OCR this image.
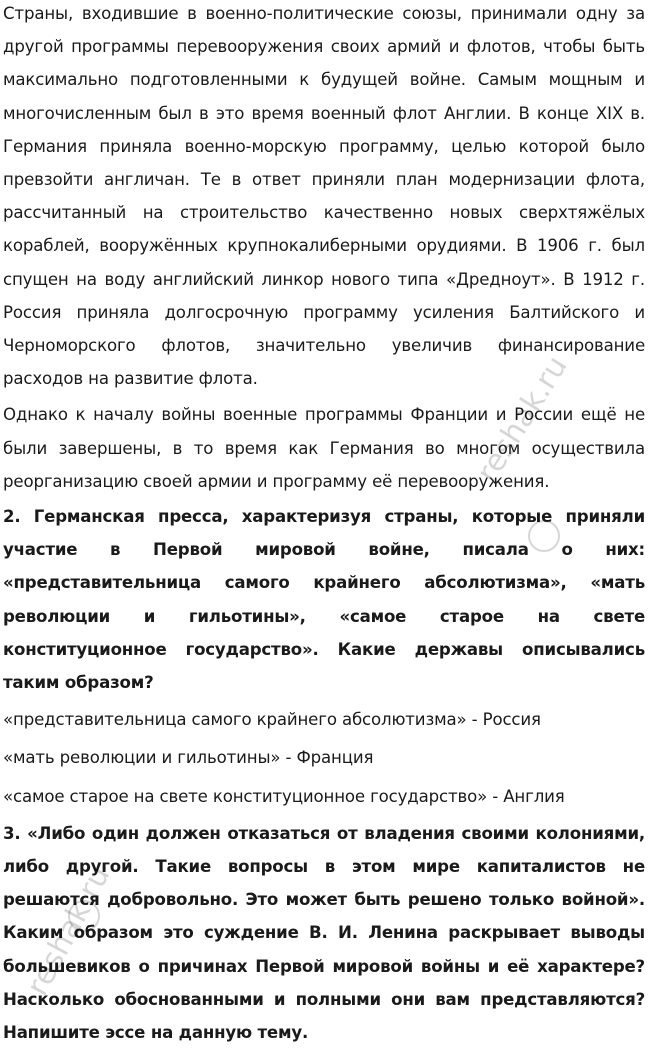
Страны, входившие в военно-политические союзы, принимали одну за другой программы перевооружения своих армий и флотов, чтобы быть максимально подготовленными к будущей войне. Самым мощным и многочисленным был в это время военный флот Англии. В конце XIX в. Германия приняла военно-морскую программу, целью которой было превзойти англичан. Те в ответ приняли план модернизации флота, рассчитанный на строительство качественно новых сверхтяжёлых кораблей, вооружённых крупнокалиберными орудиями. В 1906 г. был спущен на воду английский линкор нового типа «Дредноут». В 1912 г. Россия приняла долгосрочную программу усиления Балтийского и Черноморского флотов, значительно увеличив финансирование расходов на развитие флота.

Однако к началу войны военные программы Франции и России ещё не были завершены, в то время как Германия во многом осуществила реорганизацию своей армии и программу её перевооружения.

2. Германская пресса, характеризуя страны, которые приняли участие в Первой мировой войне, писала о них: «представительница самого крайнего абсолютизма», «мать революции и гильотины», «самое старое на свете конституционное государство». Какие державы описывались таким образом?

«представительница самого крайнего абсолютизма» - Россия

«мать революции и гильотины» - Франция

«самое старое на свете конституционное государство» - Англия

3. «Либо один должен отказаться от владения своими колониями, либо другой. Такие вопросы в этом мире капиталистов не решаются добровольно. Это может быть решено только войной». Каким образом это суждение В. И. Ленина раскрывает выводы большевиков о причинах Первой мировой войны и её характере? Насколько обоснованными и полными они вам представляются? Напишите эссе на данную тему.

reshak.ru
reshak.ru
